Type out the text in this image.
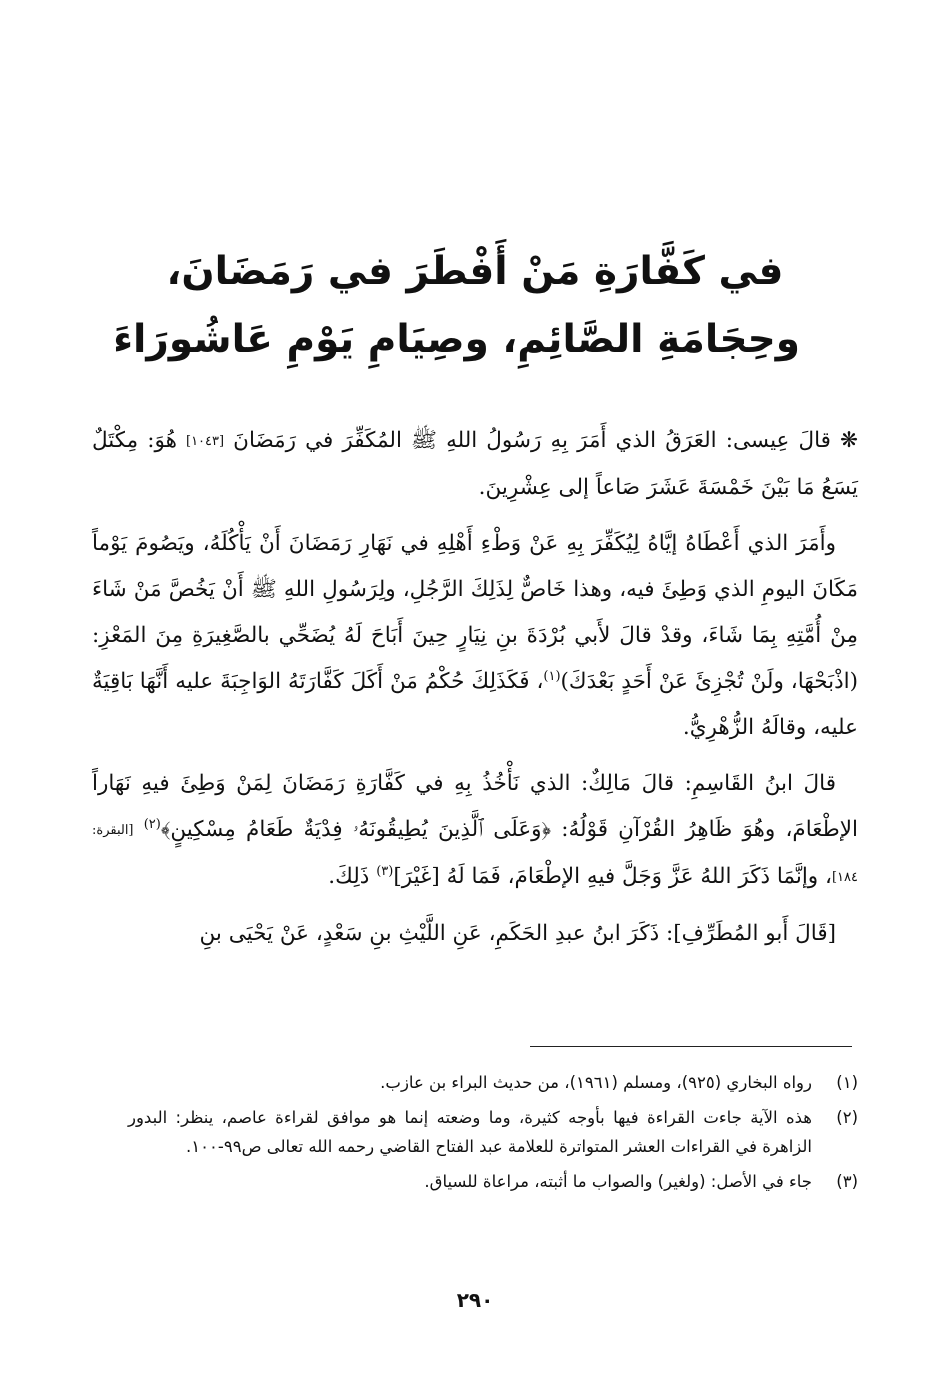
في كَفَّارَةِ مَنْ أَفْطَرَ في رَمَضَانَ،
وحِجَامَةِ الصَّائِمِ، وصِيَامِ يَوْمِ عَاشُورَاءَ

❋ قالَ عِيسى: العَرَقُ الذي أَمَرَ بِهِ رَسُولُ اللهِ ﷺ المُكَفِّرَ في رَمَضَانَ [١٠٤٣] هُوَ: مِكْتَلٌ يَسَعُ مَا بَيْنَ خَمْسَةَ عَشَرَ صَاعاً إلى عِشْرِينَ.

وأَمَرَ الذي أَعْطَاهُ إيَّاهُ لِيُكَفِّرَ بِهِ عَنْ وَطْءِ أَهْلِهِ في نَهَارِ رَمَضَانَ أَنْ يَأْكُلَهُ، ويَصُومَ يَوْماً مَكَانَ اليومِ الذي وَطِئَ فيه، وهذا خَاصٌّ لِذَلِكَ الرَّجُلِ، ولِرَسُولِ اللهِ ﷺ أَنْ يَخُصَّ مَنْ شَاءَ مِنْ أُمَّتِهِ بِمَا شَاءَ، وقدْ قالَ لأَبي بُرْدَةَ بنِ نِيَارٍ حِينَ أَبَاحَ لَهُ يُضَحِّي بالصَّغِيرَةِ مِنَ المَعْزِ: (اذْبَحْهَا، ولَنْ تُجْزِئَ عَنْ أَحَدٍ بَعْدَكَ)$^{(١)}$، فَكَذَلِكَ حُكْمُ مَنْ أَكَلَ كَفَّارَتَهُ الوَاجِبَةَ عليه أَنَّهَا بَاقِيَةٌ عليه، وقالَهُ الزُّهْرِيُّ.

قالَ ابنُ القَاسِمِ: قالَ مَالِكٌ: الذي نَأْخُذُ بِهِ في كَفَّارَةِ رَمَضَانَ لِمَنْ وَطِئَ فيهِ نَهَاراً الإطْعَامَ، وهُوَ ظَاهِرُ القُرْآنِ قَوْلُهُ: ﴿وَعَلَى ٱلَّذِينَ يُطِيقُونَهُۥ فِدْيَةٌ طَعَامُ مِسْكِينٍ﴾$^{(٢)}$ [البقرة: ١٨٤]، وإنَّمَا ذَكَرَ اللهُ عَزَّ وَجَلَّ فيهِ الإطْعَامَ، فَمَا لَهُ [غَيْرَ]$^{(٣)}$ ذَلِكَ.

[قَالَ أَبو المُطَرِّفِ]: ذَكَرَ ابنُ عبدِ الحَكَمِ، عَنِ اللَّيْثِ بنِ سَعْدٍ، عَنْ يَحْيَى بنِ

(١)
رواه البخاري (٩٢٥)، ومسلم (١٩٦١)، من حديث البراء بن عازب.
(٢)
هذه الآية جاءت القراءة فيها بأوجه كثيرة، وما وضعته إنما هو موافق لقراءة عاصم، ينظر: البدور الزاهرة في القراءات العشر المتواترة للعلامة عبد الفتاح القاضي رحمه الله تعالى ص٩٩-١٠٠.
(٣)
جاء في الأصل: (ولغير) والصواب ما أثبته، مراعاة للسياق.
٢٩٠
